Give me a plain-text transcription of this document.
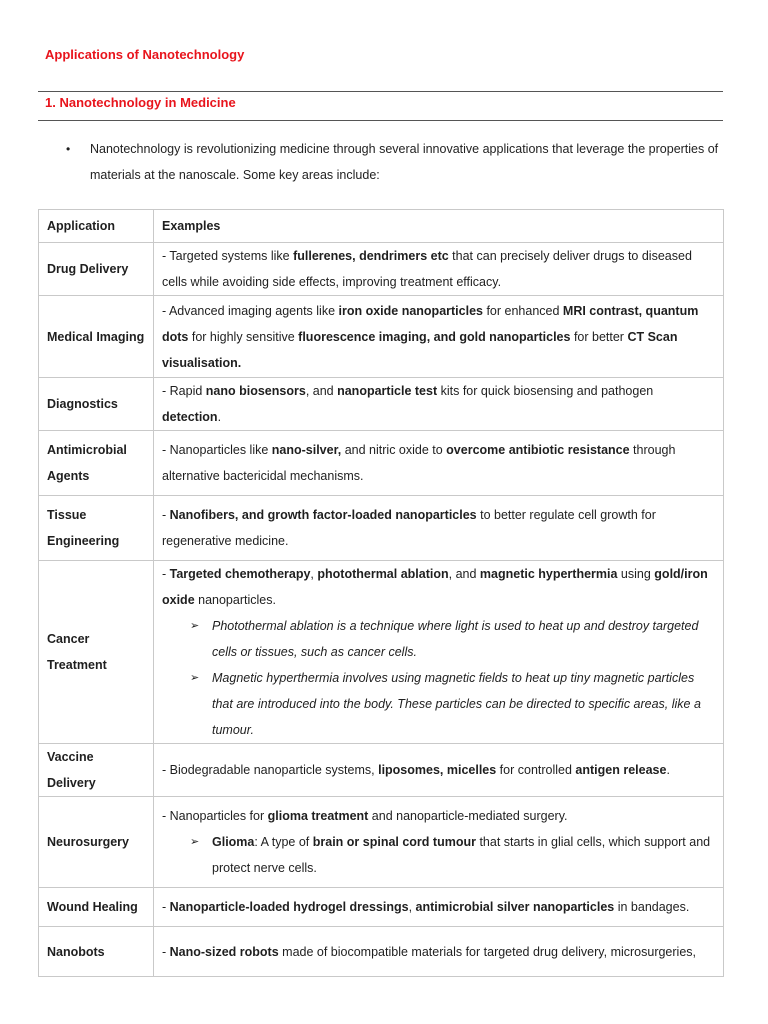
Applications of Nanotechnology
1. Nanotechnology in Medicine
• Nanotechnology is revolutionizing medicine through several innovative applications that leverage the properties of materials at the nanoscale. Some key areas include:
Application	Examples
Drug Delivery	- Targeted systems like fullerenes, dendrimers etc that can precisely deliver drugs to diseased cells while avoiding side effects, improving treatment efficacy.
Medical Imaging	- Advanced imaging agents like iron oxide nanoparticles for enhanced MRI contrast, quantum dots for highly sensitive fluorescence imaging, and gold nanoparticles for better CT Scan visualisation.
Diagnostics	- Rapid nano biosensors, and nanoparticle test kits for quick biosensing and pathogen detection.
Antimicrobial Agents	- Nanoparticles like nano-silver, and nitric oxide to overcome antibiotic resistance through alternative bactericidal mechanisms.
Tissue Engineering	- Nanofibers, and growth factor-loaded nanoparticles to better regulate cell growth for regenerative medicine.
Cancer Treatment	- Targeted chemotherapy, photothermal ablation, and magnetic hyperthermia using gold/iron oxide nanoparticles.
➢ Photothermal ablation is a technique where light is used to heat up and destroy targeted cells or tissues, such as cancer cells.
➢ Magnetic hyperthermia involves using magnetic fields to heat up tiny magnetic particles that are introduced into the body. These particles can be directed to specific areas, like a tumour.

Vaccine Delivery	- Biodegradable nanoparticle systems, liposomes, micelles for controlled antigen release.
Neurosurgery	- Nanoparticles for glioma treatment and nanoparticle-mediated surgery.
➢ Glioma: A type of brain or spinal cord tumour that starts in glial cells, which support and protect nerve cells.

Wound Healing	- Nanoparticle-loaded hydrogel dressings, antimicrobial silver nanoparticles in bandages.
Nanobots	- Nano-sized robots made of biocompatible materials for targeted drug delivery, microsurgeries,
